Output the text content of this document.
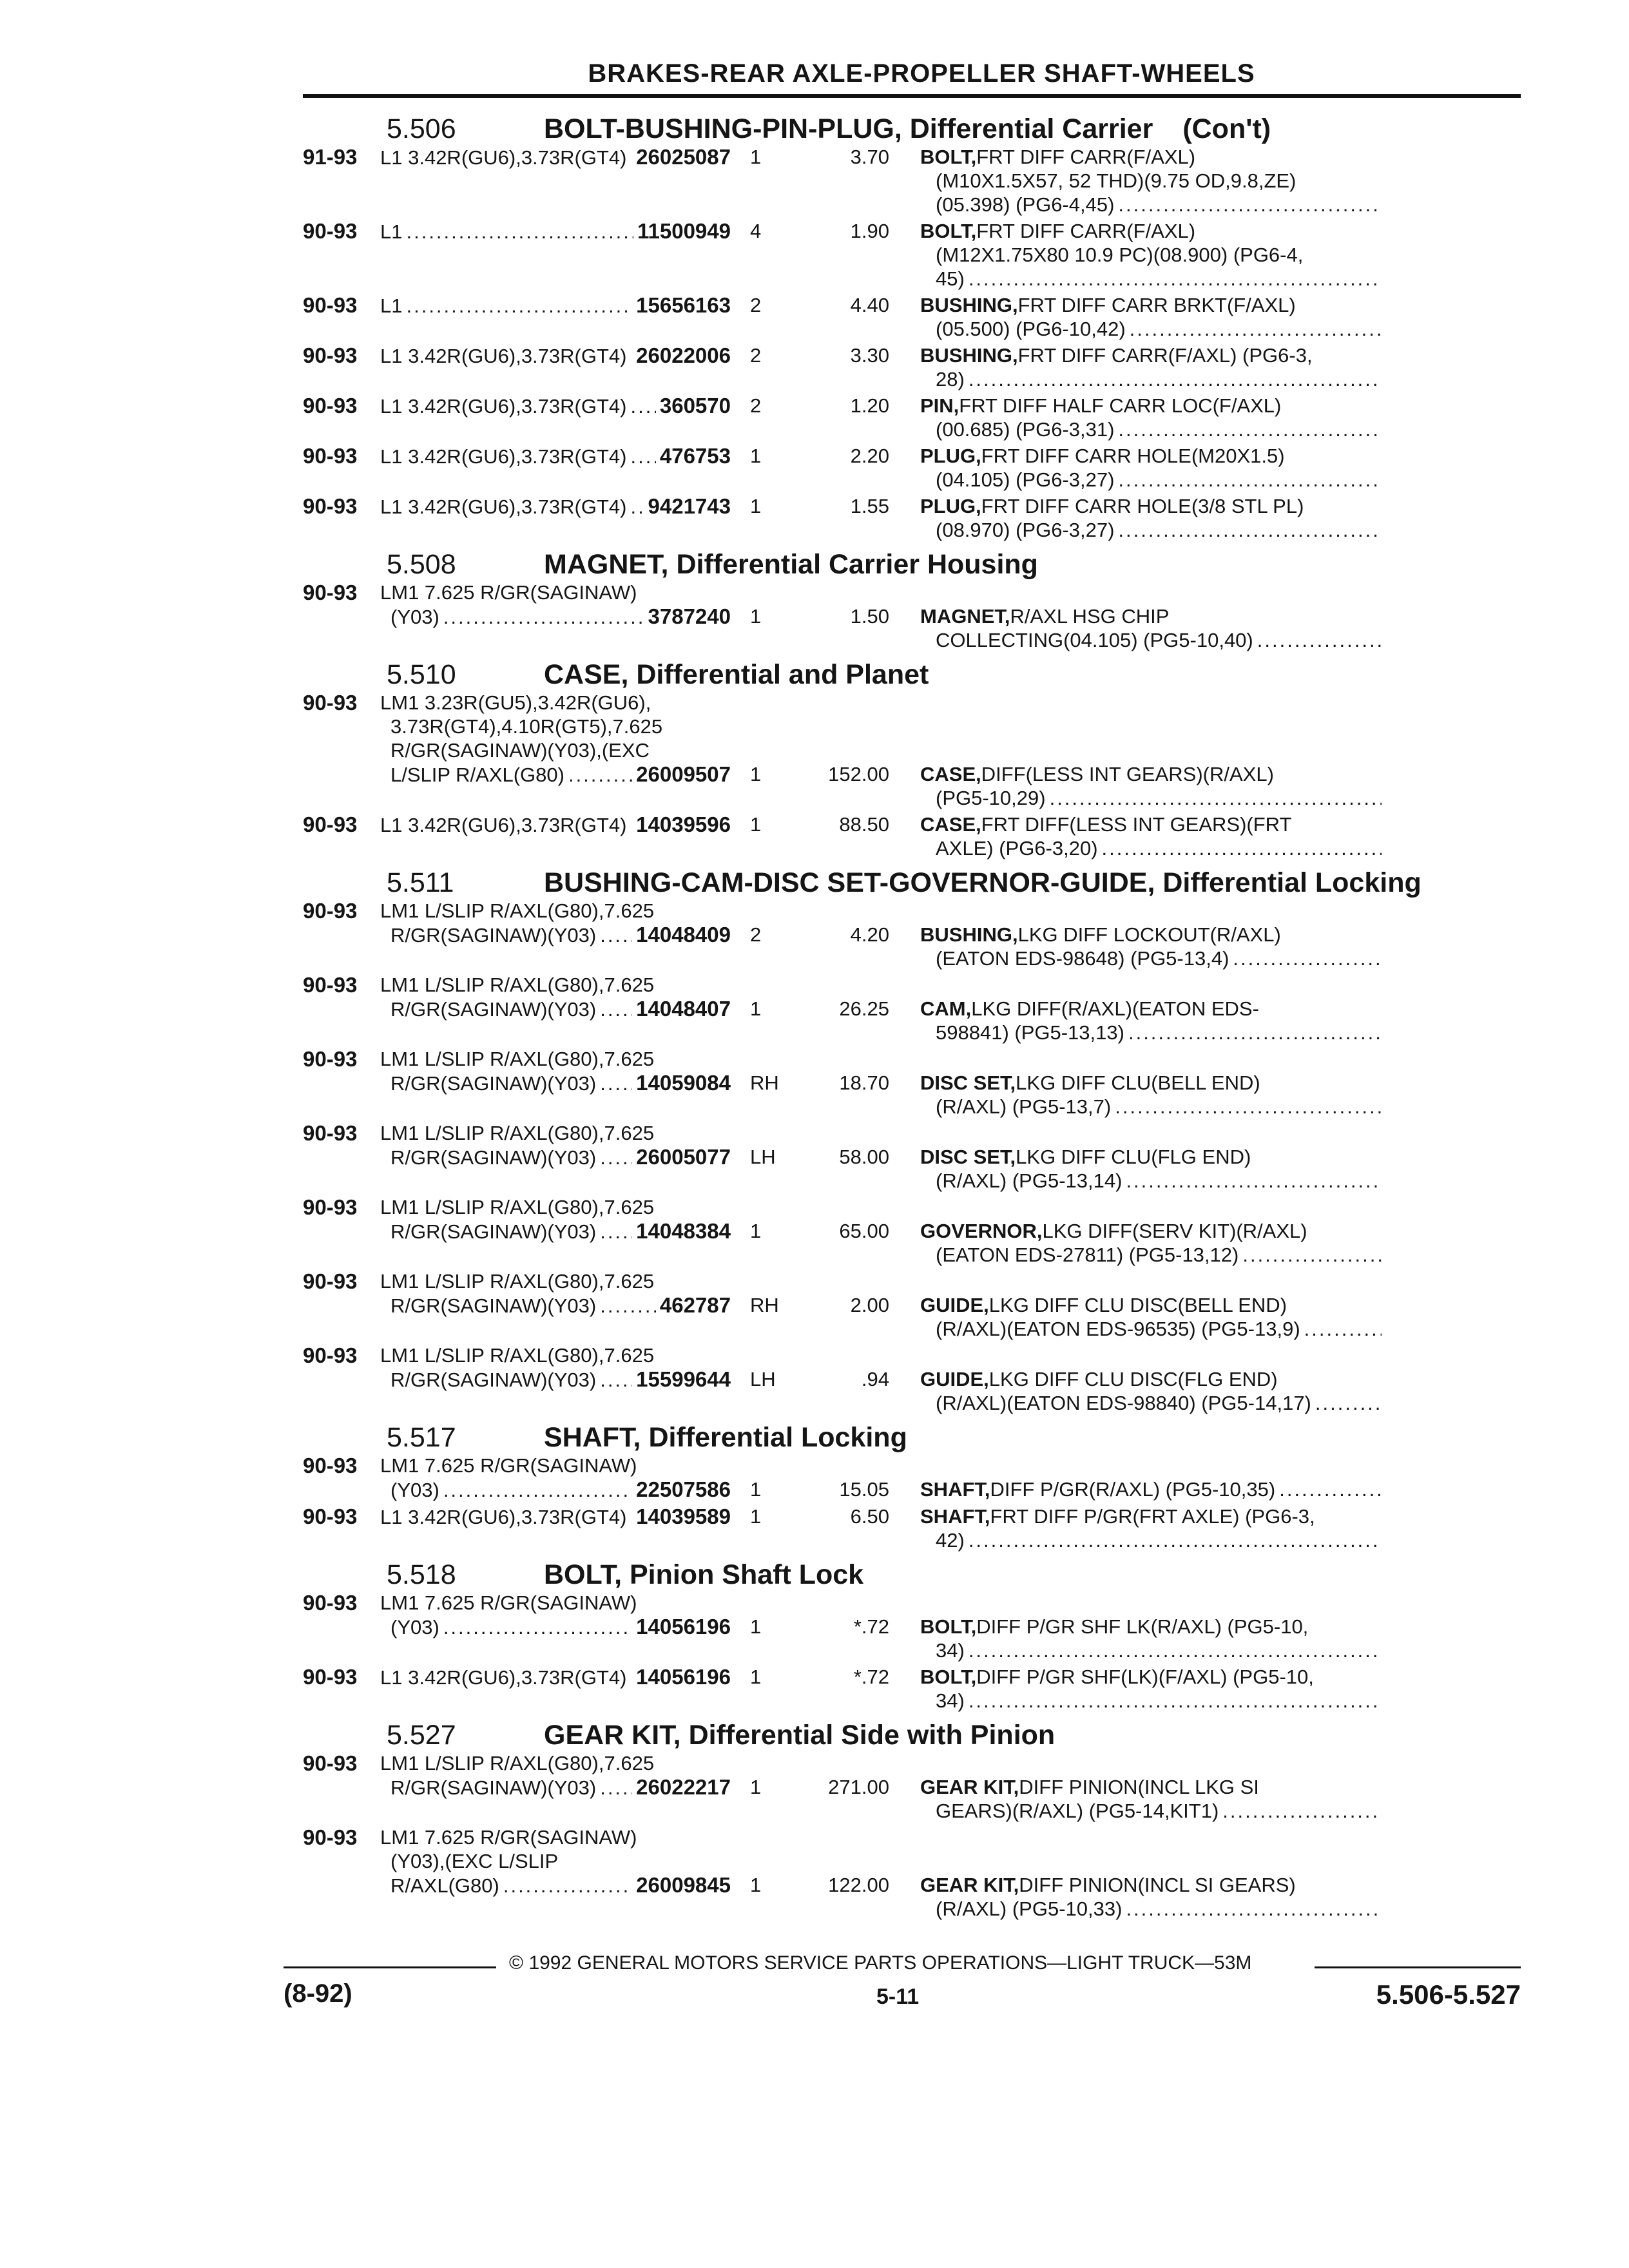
BRAKES-REAR AXLE-PROPELLER SHAFT-WHEELS
5.506	BOLT-BUSHING-PIN-PLUG, Differential Carrier (Con't)
91-93	L1 3.42R(GU6),3.73R(GT4) ..... 26025087 1	3.70 BOLT, FRT DIFF CARR(F/AXL)
(M10X1.5X57, 52 THD)(9.75 OD,9.8,ZE)
(05.398) (PG6-4,45)
.....
90-93	L1 .....	11500949 4	1.90 BOLT, FRT DIFF CARR(F/AXL)
(M12X1.75X80 10.9 PC)(08.900) (PG6-4,
45)
.....
90-93	L1 .....	15656163 2	4.40 BUSHING, FRT DIFF CARR BRKT(F/AXL)
(05.500) (PG6-10,42)
.....
90-93	L1 3.42R(GU6),3.73R(GT4) ..... 26022006 2	3.30 BUSHING, FRT DIFF CARR(F/AXL) (PG6-3,
28)
.....
90-93	L1 3.42R(GU6),3.73R(GT4) ..... 360570 2	1.20 PIN, FRT DIFF HALF CARR LOC(F/AXL)
(00.685) (PG6-3,31)
.....
90-93	L1 3.42R(GU6),3.73R(GT4) ..... 476753 1	2.20 PLUG, FRT DIFF CARR HOLE(M20X1.5)
(04.105) (PG6-3,27)
.....
90-93	L1 3.42R(GU6),3.73R(GT4) ..... 9421743 1	1.55 PLUG, FRT DIFF CARR HOLE(3/8 STL PL)
(08.970) (PG6-3,27)
.....
5.508	MAGNET, Differential Carrier Housing
90-93	LM1 7.625 R/GR(SAGINAW)
(Y03) .....	3787240 1	1.50 MAGNET, R/AXL HSG CHIP
COLLECTING(04.105) (PG5-10,40)
.....
5.510	CASE, Differential and Planet
90-93	LM1 3.23R(GU5),3.42R(GU6),
3.73R(GT4),4.10R(GT5),7.625
R/GR(SAGINAW)(Y03),(EXC
L/SLIP R/AXL(G80) .....	26009507 1	152.00 CASE, DIFF(LESS INT GEARS)(R/AXL)
(PG5-10,29)
.....
90-93	L1 3.42R(GU6),3.73R(GT4) ..... 14039596 1	88.50 CASE, FRT DIFF(LESS INT GEARS)(FRT
AXLE) (PG6-3,20)
.....
5.511	BUSHING-CAM-DISC SET-GOVERNOR-GUIDE, Differential Locking
90-93	LM1 L/SLIP R/AXL(G80),7.625
R/GR(SAGINAW)(Y03) ..... 14048409 2	4.20 BUSHING, LKG DIFF LOCKOUT(R/AXL)
(EATON EDS-98648) (PG5-13,4)
.....
90-93	LM1 L/SLIP R/AXL(G80),7.625
R/GR(SAGINAW)(Y03) ..... 14048407 1	26.25 CAM, LKG DIFF(R/AXL)(EATON EDS-
598841) (PG5-13,13)
.....
90-93	LM1 L/SLIP R/AXL(G80),7.625
R/GR(SAGINAW)(Y03) ..... 14059084 RH	18.70 DISC SET, LKG DIFF CLU(BELL END)
(R/AXL) (PG5-13,7)
.....
90-93	LM1 L/SLIP R/AXL(G80),7.625
R/GR(SAGINAW)(Y03) ..... 26005077 LH	58.00 DISC SET, LKG DIFF CLU(FLG END)
(R/AXL) (PG5-13,14)
.....
90-93	LM1 L/SLIP R/AXL(G80),7.625
R/GR(SAGINAW)(Y03) ..... 14048384 1	65.00 GOVERNOR, LKG DIFF(SERV KIT)(R/AXL)
(EATON EDS-27811) (PG5-13,12)
.....
90-93	LM1 L/SLIP R/AXL(G80),7.625
R/GR(SAGINAW)(Y03) .....	462787 RH	2.00 GUIDE, LKG DIFF CLU DISC(BELL END)
(R/AXL)(EATON EDS-96535) (PG5-13,9)
.....
90-93	LM1 L/SLIP R/AXL(G80),7.625
R/GR(SAGINAW)(Y03) ..... 15599644 LH	.94 GUIDE, LKG DIFF CLU DISC(FLG END)
(R/AXL)(EATON EDS-98840) (PG5-14,17)
.....
5.517	SHAFT, Differential Locking
90-93	LM1 7.625 R/GR(SAGINAW)
(Y03) .....	22507586 1	15.05 SHAFT, DIFF P/GR(R/AXL) (PG5-10,35)
.....
90-93	L1 3.42R(GU6),3.73R(GT4) ..... 14039589 1	6.50 SHAFT, FRT DIFF P/GR(FRT AXLE) (PG6-3,
42)
.....
5.518	BOLT, Pinion Shaft Lock
90-93	LM1 7.625 R/GR(SAGINAW)
(Y03) .....	14056196 1	*.72 BOLT, DIFF P/GR SHF LK(R/AXL) (PG5-10,
34)
.....
90-93	L1 3.42R(GU6),3.73R(GT4) ..... 14056196 1	*.72 BOLT, DIFF P/GR SHF(LK)(F/AXL) (PG5-10,
34)
.....
5.527	GEAR KIT, Differential Side with Pinion
90-93	LM1 L/SLIP R/AXL(G80),7.625
R/GR(SAGINAW)(Y03) ..... 26022217 1	271.00 GEAR KIT, DIFF PINION(INCL LKG SI
GEARS)(R/AXL) (PG5-14,KIT1)
.....
90-93	LM1 7.625 R/GR(SAGINAW)
(Y03),(EXC L/SLIP
R/AXL(G80) .....	26009845 1	122.00 GEAR KIT, DIFF PINION(INCL SI GEARS)
(R/AXL) (PG5-10,33)
.....
© 1992 GENERAL MOTORS SERVICE PARTS OPERATIONS—LIGHT TRUCK—53M
(8-92)	5-11	5.506-5.527
